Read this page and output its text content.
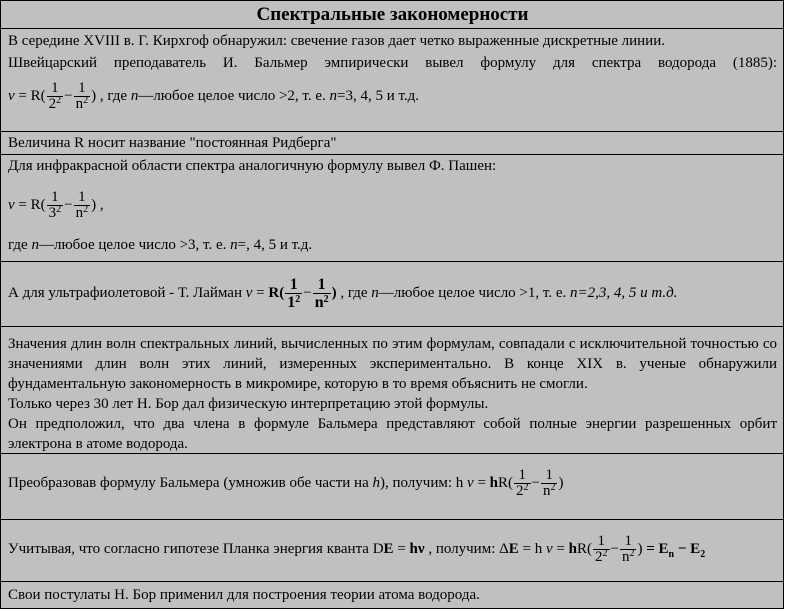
Спектральные закономерности
В середине XVIII в. Г. Кирхгоф обнаружил: свечение газов дает четко выраженные дискретные линии.
Швейцарский преподаватель И. Бальмер эмпирически вывел формулу для спектра водорода (1885):
$\nu = R( \frac{1}{2^2} - \frac{1}{n^2}$ ) , где n—любое целое число >2, т. е. n=3, 4, 5 и т.д.
Величина R носит название "постоянная Ридберга"
Для инфракрасной области спектра аналогичную формулу вывел Ф. Пашен:
$\nu = R( \frac{1}{3^2} - \frac{1}{n^2}$ ) ,
где n—любое целое число >3, т. е. n=, 4, 5 и т.д.
А для ультрафиолетовой - Т. Лайман $\nu = R( \frac{1}{1^2} - \frac{1}{n^2}$ ) , где n—любое целое число >1, т. е. n=2,3, 4, 5 и т.д.
Значения длин волн спектральных линий, вычисленных по этим формулам, совпадали с исключительной точностью со значениями длин волн этих линий, измеренных экспериментально. В конце XIX в. ученые обнаружили фундаментальную закономерность в микромире, которую в то время объяснить не смогли.
Только через 30 лет Н. Бор дал физическую интерпретацию этой формулы.
Он предположил, что два члена в формуле Бальмера представляют собой полные энергии разрешенных орбит электрона в атоме водорода.
Преобразовав формулу Бальмера (умножив обе части на h), получим: h $\nu = hR( \frac{1}{2^2} - \frac{1}{n^2}$ )
Учитывая, что согласно гипотезе Планка энергия кванта DE = hν , получим: ΔE = h $\nu = hR( \frac{1}{2^2} - \frac{1}{n^2}$ ) = $E_n - E_2$
Свои постулаты Н. Бор применил для построения теории атома водорода.
